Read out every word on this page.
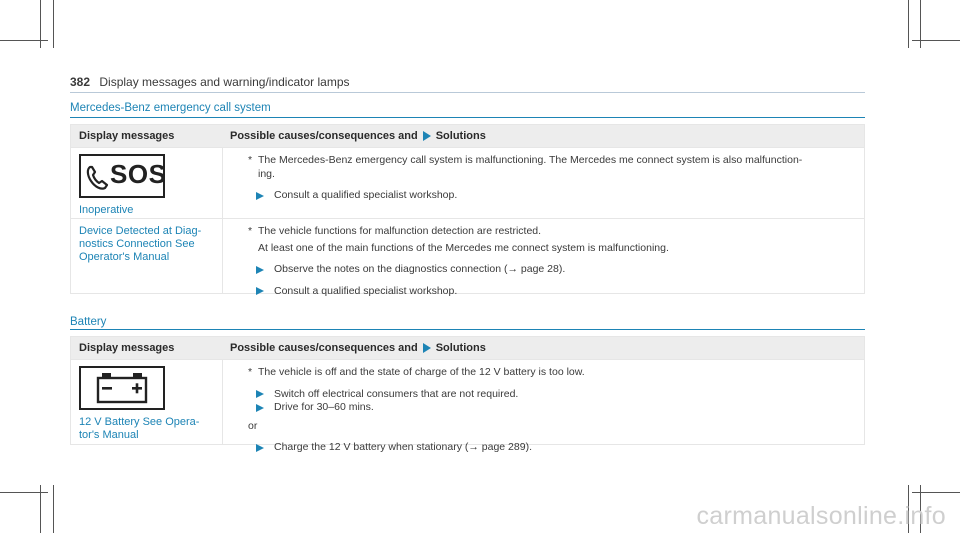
382 Display messages and warning/indicator lamps
Mercedes-Benz emergency call system
Display messages	Possible causes/consequences and Solutions
SOS
Inoperative
* The Mercedes-Benz emergency call system is malfunctioning. The Mercedes me connect system is also malfunction-
ing.
Consult a qualified specialist workshop.
Device Detected at Diag-nostics Connection See Operator's Manual
* The vehicle functions for malfunction detection are restricted.
At least one of the main functions of the Mercedes me connect system is malfunctioning.
Observe the notes on the diagnostics connection (→ page 28).
Consult a qualified specialist workshop.
Battery
Display messages	Possible causes/consequences and Solutions
12 V Battery See Opera-tor's Manual
* The vehicle is off and the state of charge of the 12 V battery is too low.
Switch off electrical consumers that are not required.
Drive for 30–60 mins.
or
Charge the 12 V battery when stationary (→ page 289).
carmanualsonline.info
